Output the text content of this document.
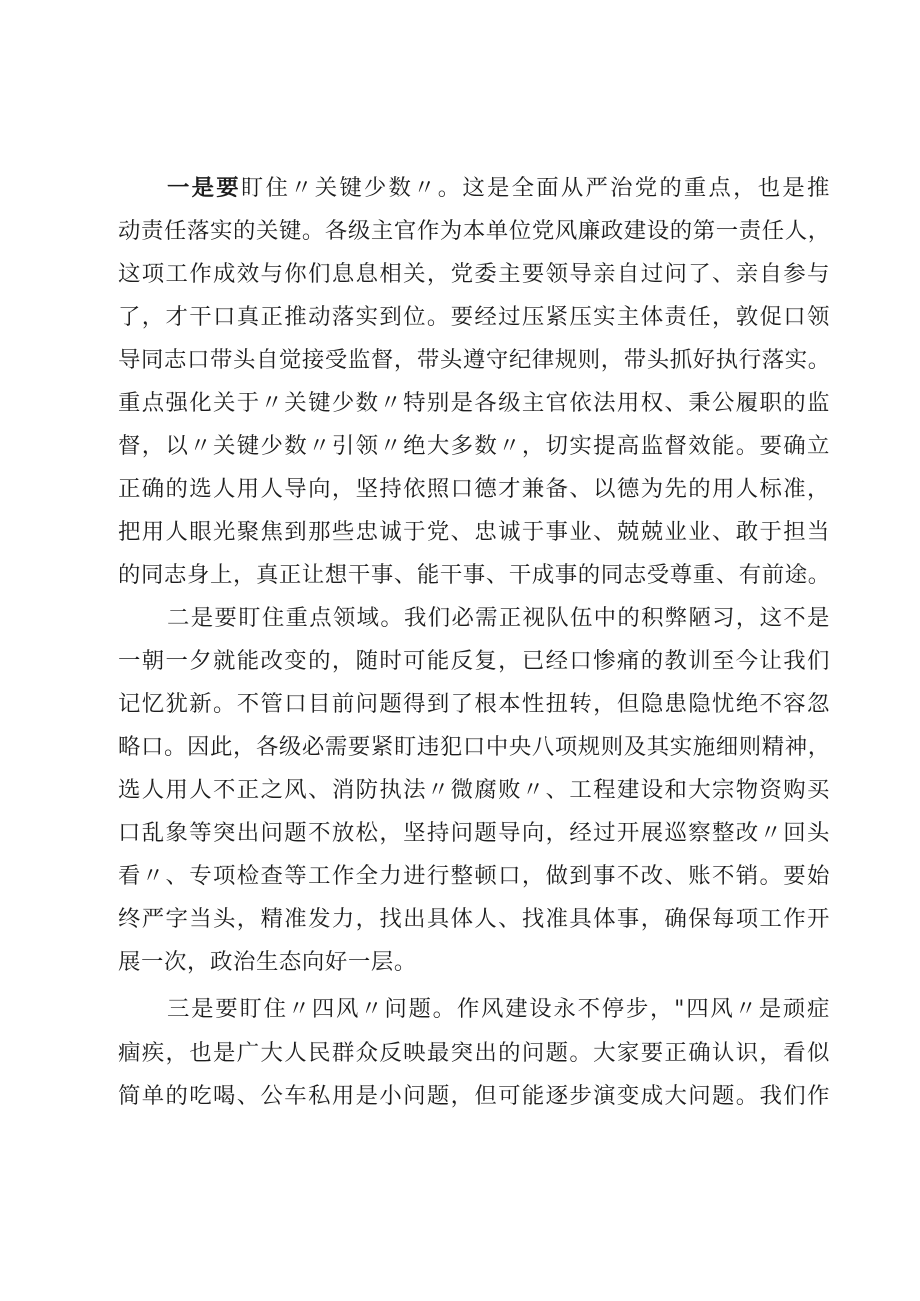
一是要盯住〃关键少数〃。这是全面从严治党的重点，也是推
动责任落实的关键。各级主官作为本单位党风廉政建设的第一责任人，
这项工作成效与你们息息相关，党委主要领导亲自过问了、亲自参与
了，才干口真正推动落实到位。要经过压紧压实主体责任，敦促口领
导同志口带头自觉接受监督，带头遵守纪律规则，带头抓好执行落实。
重点强化关于〃关键少数〃特别是各级主官依法用权、秉公履职的监
督，以〃关键少数〃引领〃绝大多数〃，切实提高监督效能。要确立
正确的选人用人导向，坚持依照口德才兼备、以德为先的用人标准，
把用人眼光聚焦到那些忠诚于党、忠诚于事业、兢兢业业、敢于担当
的同志身上，真正让想干事、能干事、干成事的同志受尊重、有前途。
二是要盯住重点领域。我们必需正视队伍中的积弊陋习，这不是
一朝一夕就能改变的，随时可能反复，已经口惨痛的教训至今让我们
记忆犹新。不管口目前问题得到了根本性扭转，但隐患隐忧绝不容忽
略口。因此，各级必需要紧盯违犯口中央八项规则及其实施细则精神，
选人用人不正之风、消防执法〃微腐败〃、工程建设和大宗物资购买
口乱象等突出问题不放松，坚持问题导向，经过开展巡察整改〃回头
看〃、专项检查等工作全力进行整顿口，做到事不改、账不销。要始
终严字当头，精准发力，找出具体人、找准具体事，确保每项工作开
展一次，政治生态向好一层。
三是要盯住〃四风〃问题。作风建设永不停步，"四风〃是顽症
痼疾，也是广大人民群众反映最突出的问题。大家要正确认识，看似
简单的吃喝、公车私用是小问题，但可能逐步演变成大问题。我们作
